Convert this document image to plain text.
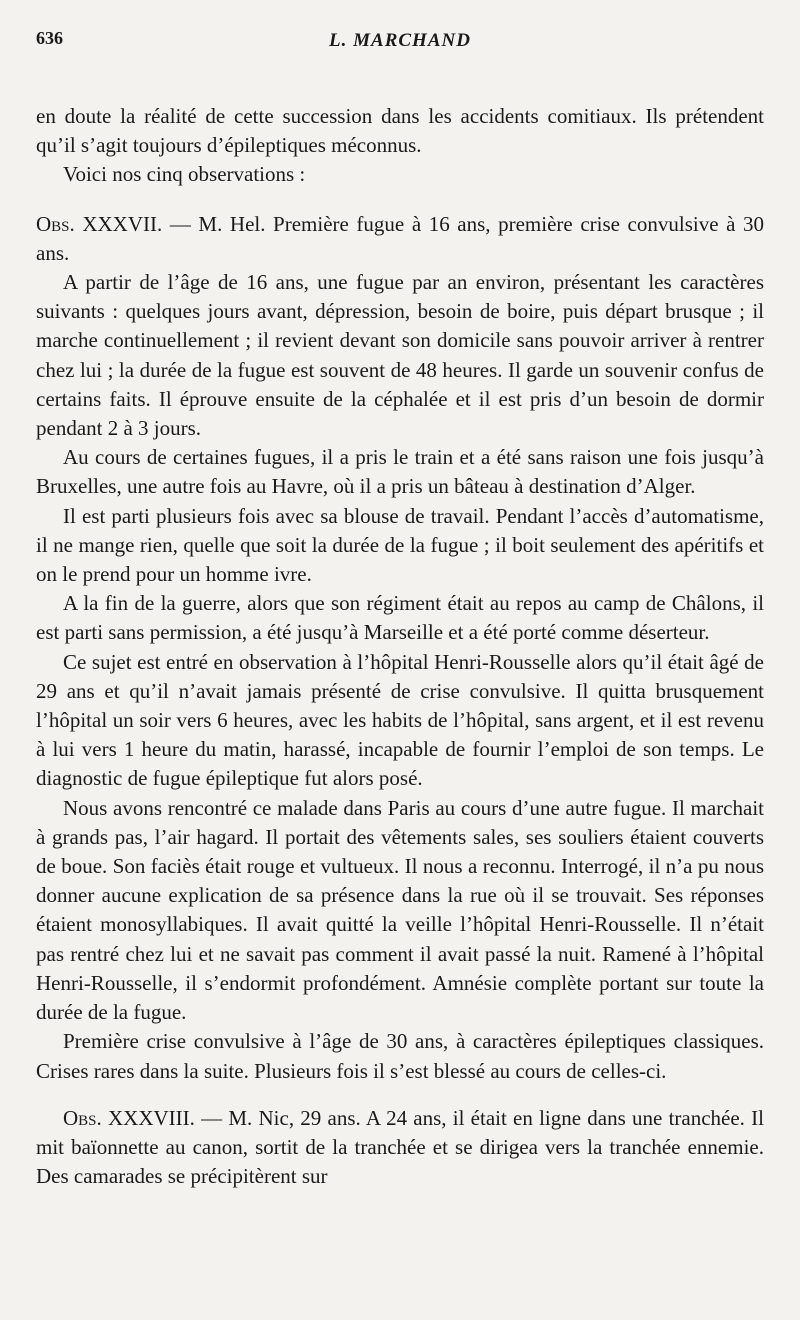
636	L. MARCHAND

en doute la réalité de cette succession dans les accidents comitiaux. Ils prétendent qu’il s’agit toujours d’épileptiques méconnus.

Voici nos cinq observations :

Obs. XXXVII. — M. Hel. Première fugue à 16 ans, première crise convulsive à 30 ans.

A partir de l’âge de 16 ans, une fugue par an environ, présentant les caractères suivants : quelques jours avant, dépression, besoin de boire, puis départ brusque ; il marche continuellement ; il revient devant son domicile sans pouvoir arriver à rentrer chez lui ; la durée de la fugue est souvent de 48 heures. Il garde un souvenir confus de certains faits. Il éprouve ensuite de la céphalée et il est pris d’un besoin de dormir pendant 2 à 3 jours.

Au cours de certaines fugues, il a pris le train et a été sans raison une fois jusqu’à Bruxelles, une autre fois au Havre, où il a pris un bâteau à destination d’Alger.

Il est parti plusieurs fois avec sa blouse de travail. Pendant l’accès d’automatisme, il ne mange rien, quelle que soit la durée de la fugue ; il boit seulement des apéritifs et on le prend pour un homme ivre.

A la fin de la guerre, alors que son régiment était au repos au camp de Châlons, il est parti sans permission, a été jusqu’à Marseille et a été porté comme déserteur.

Ce sujet est entré en observation à l’hôpital Henri-Rousselle alors qu’il était âgé de 29 ans et qu’il n’avait jamais présenté de crise convulsive. Il quitta brusquement l’hôpital un soir vers 6 heures, avec les habits de l’hôpital, sans argent, et il est revenu à lui vers 1 heure du matin, harassé, incapable de fournir l’emploi de son temps. Le diagnostic de fugue épileptique fut alors posé.

Nous avons rencontré ce malade dans Paris au cours d’une autre fugue. Il marchait à grands pas, l’air hagard. Il portait des vêtements sales, ses souliers étaient couverts de boue. Son faciès était rouge et vultueux. Il nous a reconnu. Interrogé, il n’a pu nous donner aucune explication de sa présence dans la rue où il se trouvait. Ses réponses étaient monosyllabiques. Il avait quitté la veille l’hôpital Henri-Rousselle. Il n’était pas rentré chez lui et ne savait pas comment il avait passé la nuit. Ramené à l’hôpital Henri-Rousselle, il s’endormit profondément. Amnésie complète portant sur toute la durée de la fugue.

Première crise convulsive à l’âge de 30 ans, à caractères épileptiques classiques. Crises rares dans la suite. Plusieurs fois il s’est blessé au cours de celles-ci.

Obs. XXXVIII. — M. Nic, 29 ans. A 24 ans, il était en ligne dans une tranchée. Il mit baïonnette au canon, sortit de la tranchée et se dirigea vers la tranchée ennemie. Des camarades se précipitèrent sur
